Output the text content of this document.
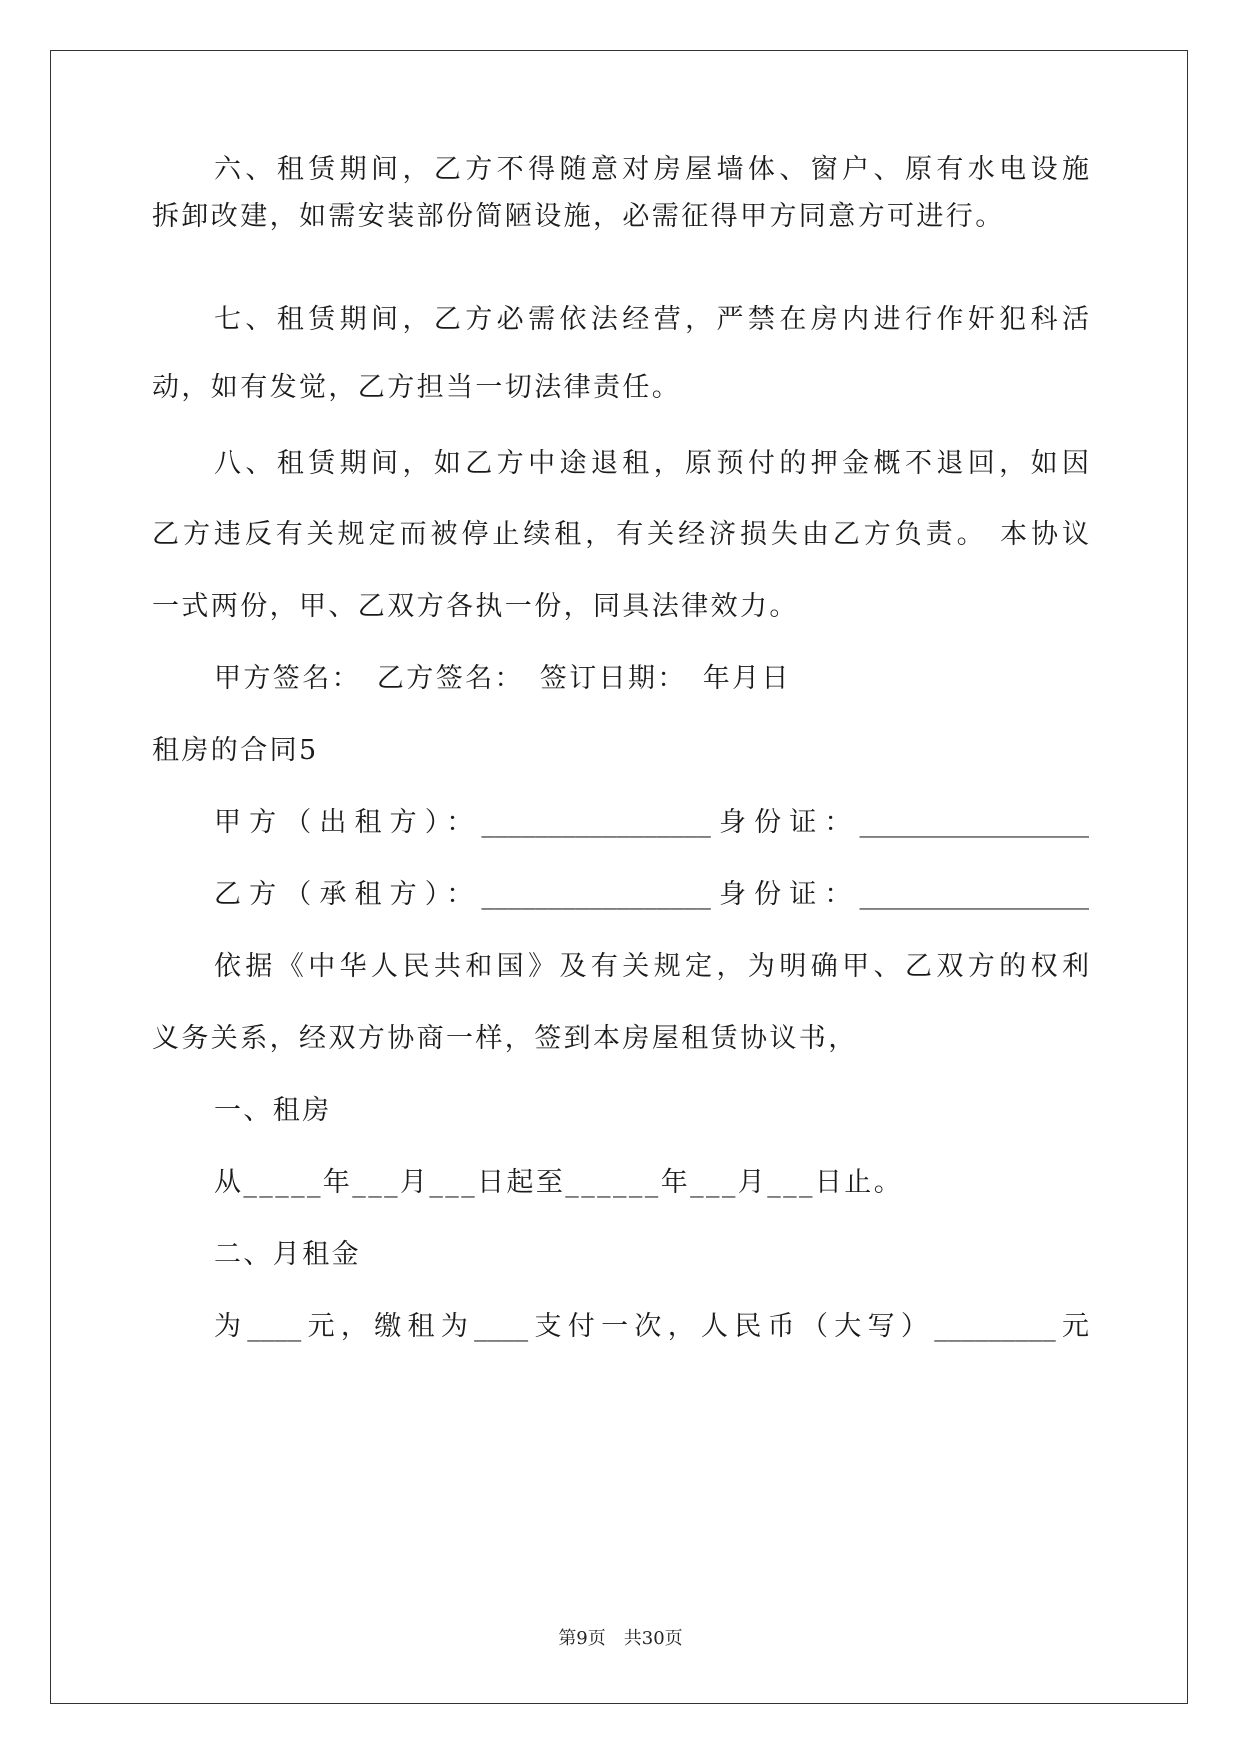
六、租赁期间，乙方不得随意对房屋墙体、窗户、原有水电设施
拆卸改建，如需安装部份简陋设施，必需征得甲方同意方可进行。
七、租赁期间，乙方必需依法经营，严禁在房内进行作奸犯科活
动，如有发觉，乙方担当一切法律责任。
八、租赁期间，如乙方中途退租，原预付的押金概不退回，如因
乙方违反有关规定而被停止续租，有关经济损失由乙方负责。 本协议
一式两份，甲、乙双方各执一份，同具法律效力。
甲方签名：　乙方签名：　签订日期：　年月日
租房的合同5
甲方（出租方）：_________________身份证：_________________
乙方（承租方）：_________________身份证：_________________
依据《中华人民共和国》及有关规定，为明确甲、乙双方的权利
义务关系，经双方协商一样，签到本房屋租赁协议书，
一、租房
从_____年___月___日起至______年___月___日止。
二、月租金
为____元，缴租为____支付一次，人民币（大写）_________元
第9页　共30页
